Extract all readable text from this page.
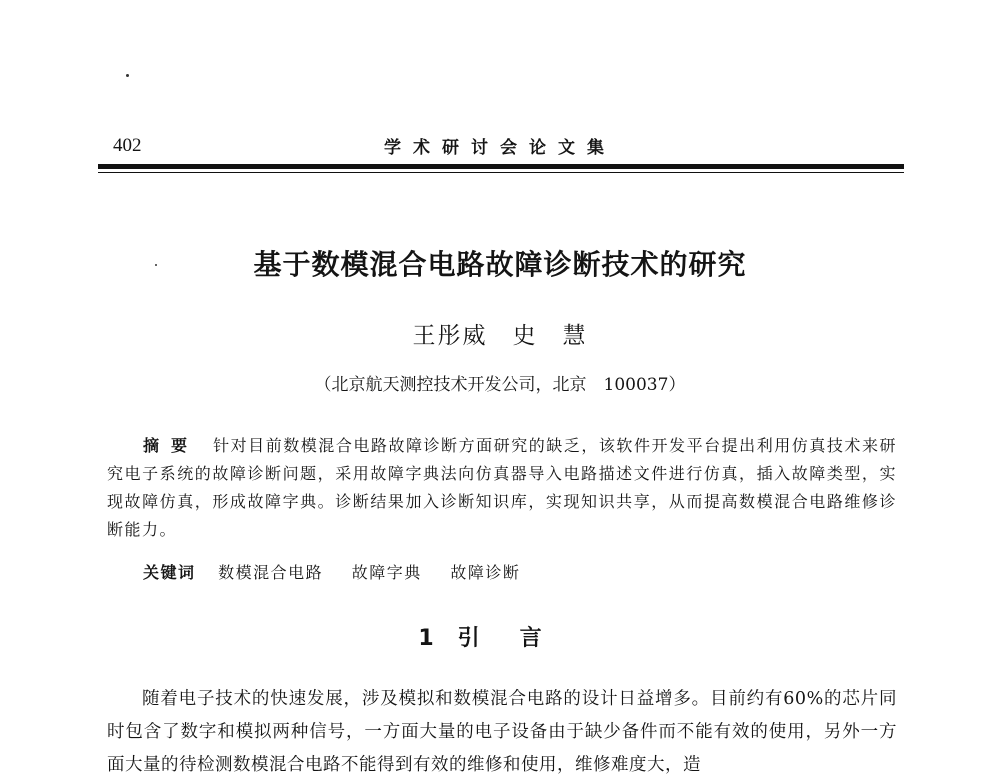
402	学术研讨会论文集
基于数模混合电路故障诊断技术的研究
王彤威　史　慧
（北京航天测控技术开发公司，北京　100037）
摘要 针对目前数模混合电路故障诊断方面研究的缺乏，该软件开发平台提出利用仿真技术来研究电子系统的故障诊断问题，采用故障字典法向仿真器导入电路描述文件进行仿真，插入故障类型，实现故障仿真，形成故障字典。诊断结果加入诊断知识库，实现知识共享，从而提高数模混合电路维修诊断能力。
关键词 数模混合电路 故障字典 故障诊断
1 引言
随着电子技术的快速发展，涉及模拟和数模混合电路的设计日益增多。目前约有60%的芯片同时包含了数字和模拟两种信号，一方面大量的电子设备由于缺少备件而不能有效的使用，另外一方面大量的待检测数模混合电路不能得到有效的维修和使用，维修难度大，造
